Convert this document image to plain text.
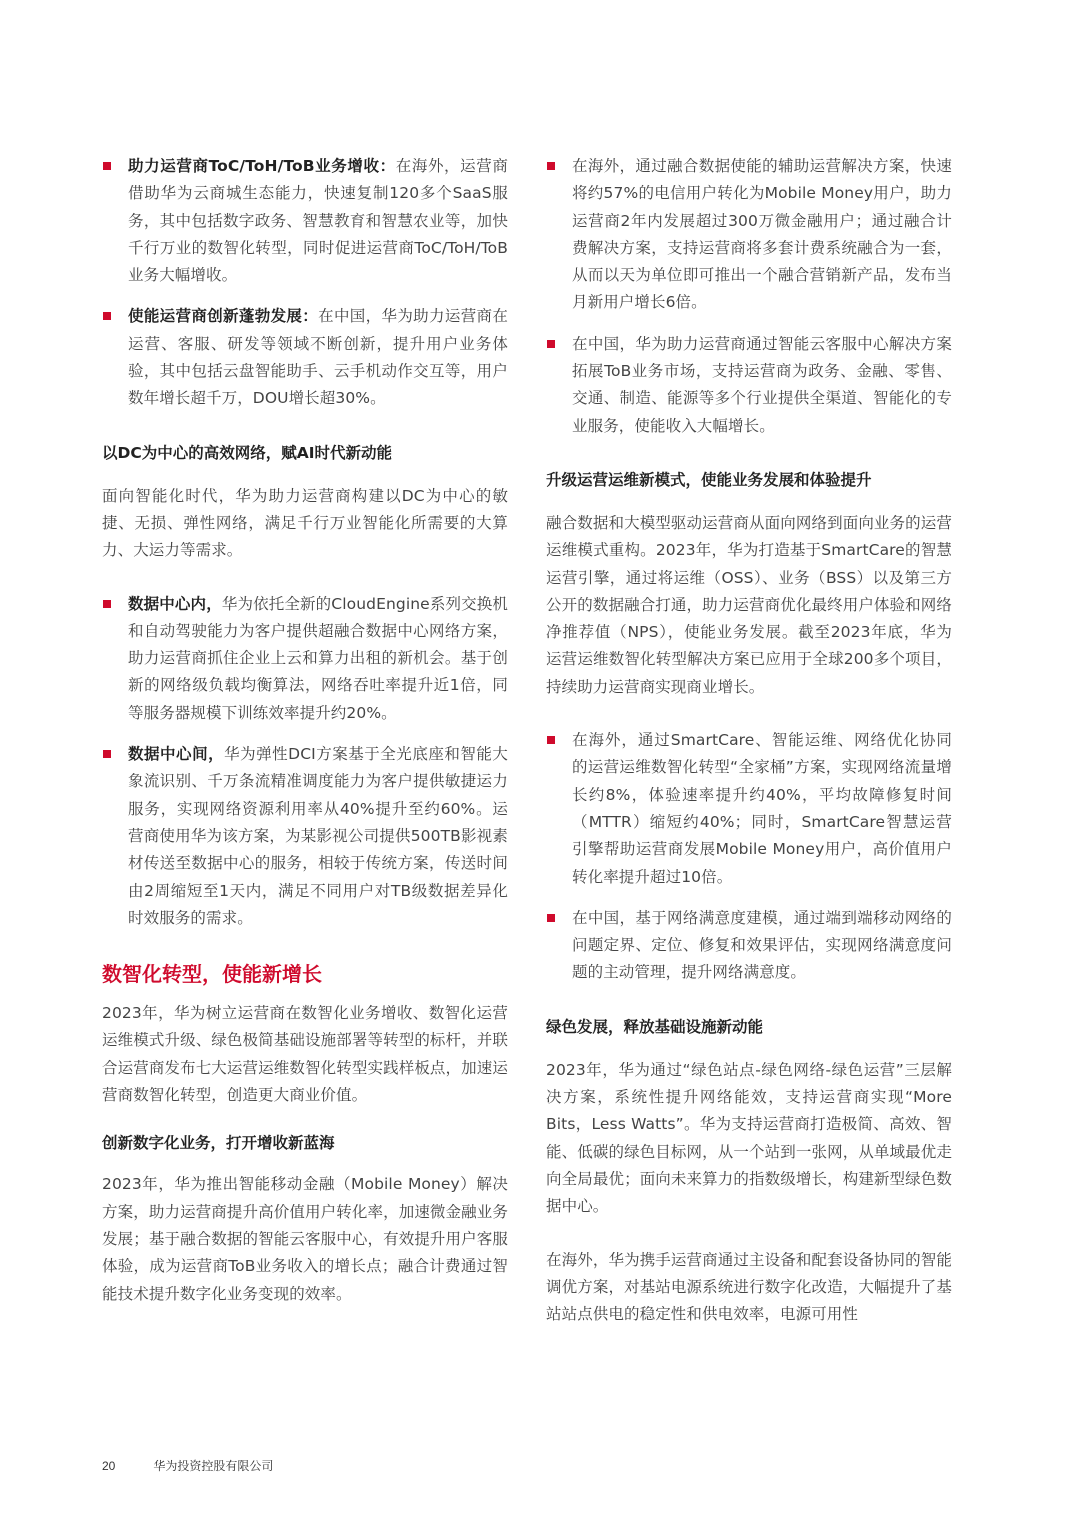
助力运营商ToC/ToH/ToB业务增收：在海外，运营商借助华为云商城生态能力，快速复制120多个SaaS服务，其中包括数字政务、智慧教育和智慧农业等，加快千行万业的数智化转型，同时促进运营商ToC/ToH/ToB业务大幅增收。

使能运营商创新蓬勃发展：在中国，华为助力运营商在运营、客服、研发等领域不断创新，提升用户业务体验，其中包括云盘智能助手、云手机动作交互等，用户数年增长超千万，DOU增长超30%。

以DC为中心的高效网络，赋AI时代新动能

面向智能化时代，华为助力运营商构建以DC为中心的敏捷、无损、弹性网络，满足千行万业智能化所需要的大算力、大运力等需求。

数据中心内，华为依托全新的CloudEngine系列交换机和自动驾驶能力为客户提供超融合数据中心网络方案，助力运营商抓住企业上云和算力出租的新机会。基于创新的网络级负载均衡算法，网络吞吐率提升近1倍，同等服务器规模下训练效率提升约20%。

数据中心间，华为弹性DCI方案基于全光底座和智能大象流识别、千万条流精准调度能力为客户提供敏捷运力服务，实现网络资源利用率从40%提升至约60%。运营商使用华为该方案，为某影视公司提供500TB影视素材传送至数据中心的服务，相较于传统方案，传送时间由2周缩短至1天内，满足不同用户对TB级数据差异化时效服务的需求。

数智化转型，使能新增长

2023年，华为树立运营商在数智化业务增收、数智化运营运维模式升级、绿色极简基础设施部署等转型的标杆，并联合运营商发布七大运营运维数智化转型实践样板点，加速运营商数智化转型，创造更大商业价值。

创新数字化业务，打开增收新蓝海

2023年，华为推出智能移动金融（Mobile Money）解决方案，助力运营商提升高价值用户转化率，加速微金融业务发展；基于融合数据的智能云客服中心，有效提升用户客服体验，成为运营商ToB业务收入的增长点；融合计费通过智能技术提升数字化业务变现的效率。

在海外，通过融合数据使能的辅助运营解决方案，快速将约57%的电信用户转化为Mobile Money用户，助力运营商2年内发展超过300万微金融用户；通过融合计费解决方案，支持运营商将多套计费系统融合为一套，从而以天为单位即可推出一个融合营销新产品，发布当月新用户增长6倍。

在中国，华为助力运营商通过智能云客服中心解决方案拓展ToB业务市场，支持运营商为政务、金融、零售、交通、制造、能源等多个行业提供全渠道、智能化的专业服务，使能收入大幅增长。

升级运营运维新模式，使能业务发展和体验提升

融合数据和大模型驱动运营商从面向网络到面向业务的运营运维模式重构。2023年，华为打造基于SmartCare的智慧运营引擎，通过将运维（OSS）、业务（BSS）以及第三方公开的数据融合打通，助力运营商优化最终用户体验和网络净推荐值（NPS），使能业务发展。截至2023年底，华为运营运维数智化转型解决方案已应用于全球200多个项目，持续助力运营商实现商业增长。

在海外，通过SmartCare、智能运维、网络优化协同的运营运维数智化转型“全家桶”方案，实现网络流量增长约8%，体验速率提升约40%，平均故障修复时间（MTTR）缩短约40%；同时，SmartCare智慧运营引擎帮助运营商发展Mobile Money用户，高价值用户转化率提升超过10倍。

在中国，基于网络满意度建模，通过端到端移动网络的问题定界、定位、修复和效果评估，实现网络满意度问题的主动管理，提升网络满意度。

绿色发展，释放基础设施新动能

2023年，华为通过“绿色站点-绿色网络-绿色运营”三层解决方案，系统性提升网络能效，支持运营商实现“More Bits，Less Watts”。华为支持运营商打造极简、高效、智能、低碳的绿色目标网，从一个站到一张网，从单域最优走向全局最优；面向未来算力的指数级增长，构建新型绿色数据中心。

在海外，华为携手运营商通过主设备和配套设备协同的智能调优方案，对基站电源系统进行数字化改造，大幅提升了基站站点供电的稳定性和供电效率，电源可用性

20	华为投资控股有限公司
